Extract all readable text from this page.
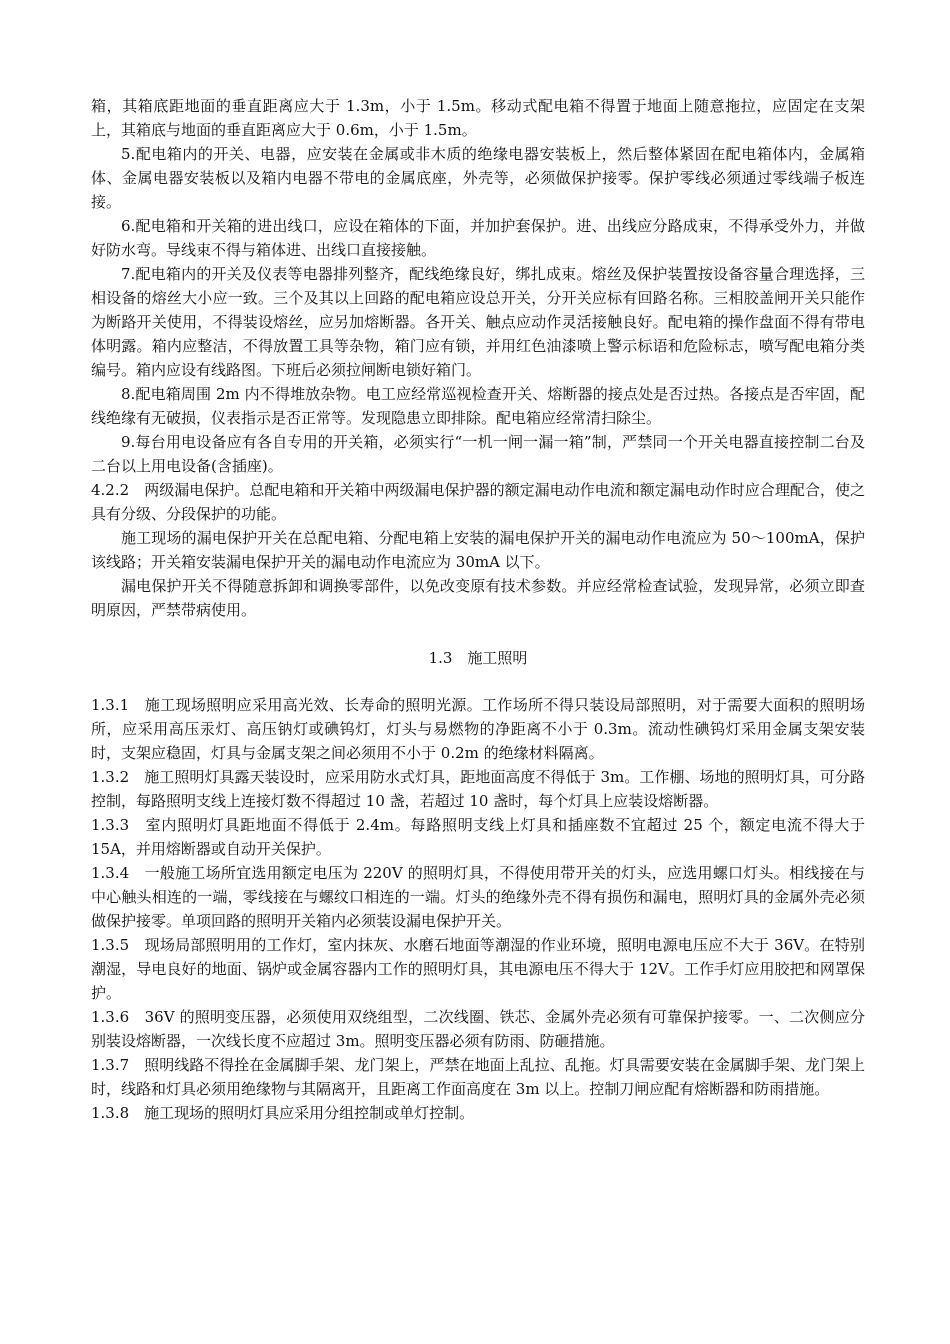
箱，其箱底距地面的垂直距离应大于 1.3m，小于 1.5m。移动式配电箱不得置于地面上随意拖拉，应固定在支架上，其箱底与地面的垂直距离应大于 0.6m，小于 1.5m。

5.配电箱内的开关、电器，应安装在金属或非木质的绝缘电器安装板上，然后整体紧固在配电箱体内，金属箱体、金属电器安装板以及箱内电器不带电的金属底座，外壳等，必须做保护接零。保护零线必须通过零线端子板连接。

6.配电箱和开关箱的进出线口，应设在箱体的下面，并加护套保护。进、出线应分路成束，不得承受外力，并做好防水弯。导线束不得与箱体进、出线口直接接触。

7.配电箱内的开关及仪表等电器排列整齐，配线绝缘良好，绑扎成束。熔丝及保护装置按设备容量合理选择，三相设备的熔丝大小应一致。三个及其以上回路的配电箱应设总开关，分开关应标有回路名称。三相胶盖闸开关只能作为断路开关使用，不得装设熔丝，应另加熔断器。各开关、触点应动作灵活接触良好。配电箱的操作盘面不得有带电体明露。箱内应整洁，不得放置工具等杂物，箱门应有锁，并用红色油漆喷上警示标语和危险标志，喷写配电箱分类编号。箱内应设有线路图。下班后必须拉闸断电锁好箱门。

8.配电箱周围 2m 内不得堆放杂物。电工应经常巡视检查开关、熔断器的接点处是否过热。各接点是否牢固，配线绝缘有无破损，仪表指示是否正常等。发现隐患立即排除。配电箱应经常清扫除尘。

9.每台用电设备应有各自专用的开关箱，必须实行“一机一闸一漏一箱”制，严禁同一个开关电器直接控制二台及二台以上用电设备(含插座)。

4.2.2　两级漏电保护。总配电箱和开关箱中两级漏电保护器的额定漏电动作电流和额定漏电动作时应合理配合，使之具有分级、分段保护的功能。

施工现场的漏电保护开关在总配电箱、分配电箱上安装的漏电保护开关的漏电动作电流应为 50～100mA，保护该线路；开关箱安装漏电保护开关的漏电动作电流应为 30mA 以下。

漏电保护开关不得随意拆卸和调换零部件，以免改变原有技术参数。并应经常检查试验，发现异常，必须立即查明原因，严禁带病使用。

1.3　施工照明

1.3.1　施工现场照明应采用高光效、长寿命的照明光源。工作场所不得只装设局部照明，对于需要大面积的照明场所，应采用高压汞灯、高压钠灯或碘钨灯，灯头与易燃物的净距离不小于 0.3m。流动性碘钨灯采用金属支架安装时，支架应稳固，灯具与金属支架之间必须用不小于 0.2m 的绝缘材料隔离。

1.3.2　施工照明灯具露天装设时，应采用防水式灯具，距地面高度不得低于 3m。工作棚、场地的照明灯具，可分路控制，每路照明支线上连接灯数不得超过 10 盏，若超过 10 盏时，每个灯具上应装设熔断器。

1.3.3　室内照明灯具距地面不得低于 2.4m。每路照明支线上灯具和插座数不宜超过 25 个，额定电流不得大于 15A，并用熔断器或自动开关保护。

1.3.4　一般施工场所宜选用额定电压为 220V 的照明灯具，不得使用带开关的灯头，应选用螺口灯头。相线接在与中心触头相连的一端，零线接在与螺纹口相连的一端。灯头的绝缘外壳不得有损伤和漏电，照明灯具的金属外壳必须做保护接零。单项回路的照明开关箱内必须装设漏电保护开关。

1.3.5　现场局部照明用的工作灯，室内抹灰、水磨石地面等潮湿的作业环境，照明电源电压应不大于 36V。在特别潮湿，导电良好的地面、锅炉或金属容器内工作的照明灯具，其电源电压不得大于 12V。工作手灯应用胶把和网罩保护。

1.3.6　36V 的照明变压器，必须使用双绕组型，二次线圈、铁芯、金属外壳必须有可靠保护接零。一、二次侧应分别装设熔断器，一次线长度不应超过 3m。照明变压器必须有防雨、防砸措施。

1.3.7　照明线路不得拴在金属脚手架、龙门架上，严禁在地面上乱拉、乱拖。灯具需要安装在金属脚手架、龙门架上时，线路和灯具必须用绝缘物与其隔离开，且距离工作面高度在 3m 以上。控制刀闸应配有熔断器和防雨措施。

1.3.8　施工现场的照明灯具应采用分组控制或单灯控制。
